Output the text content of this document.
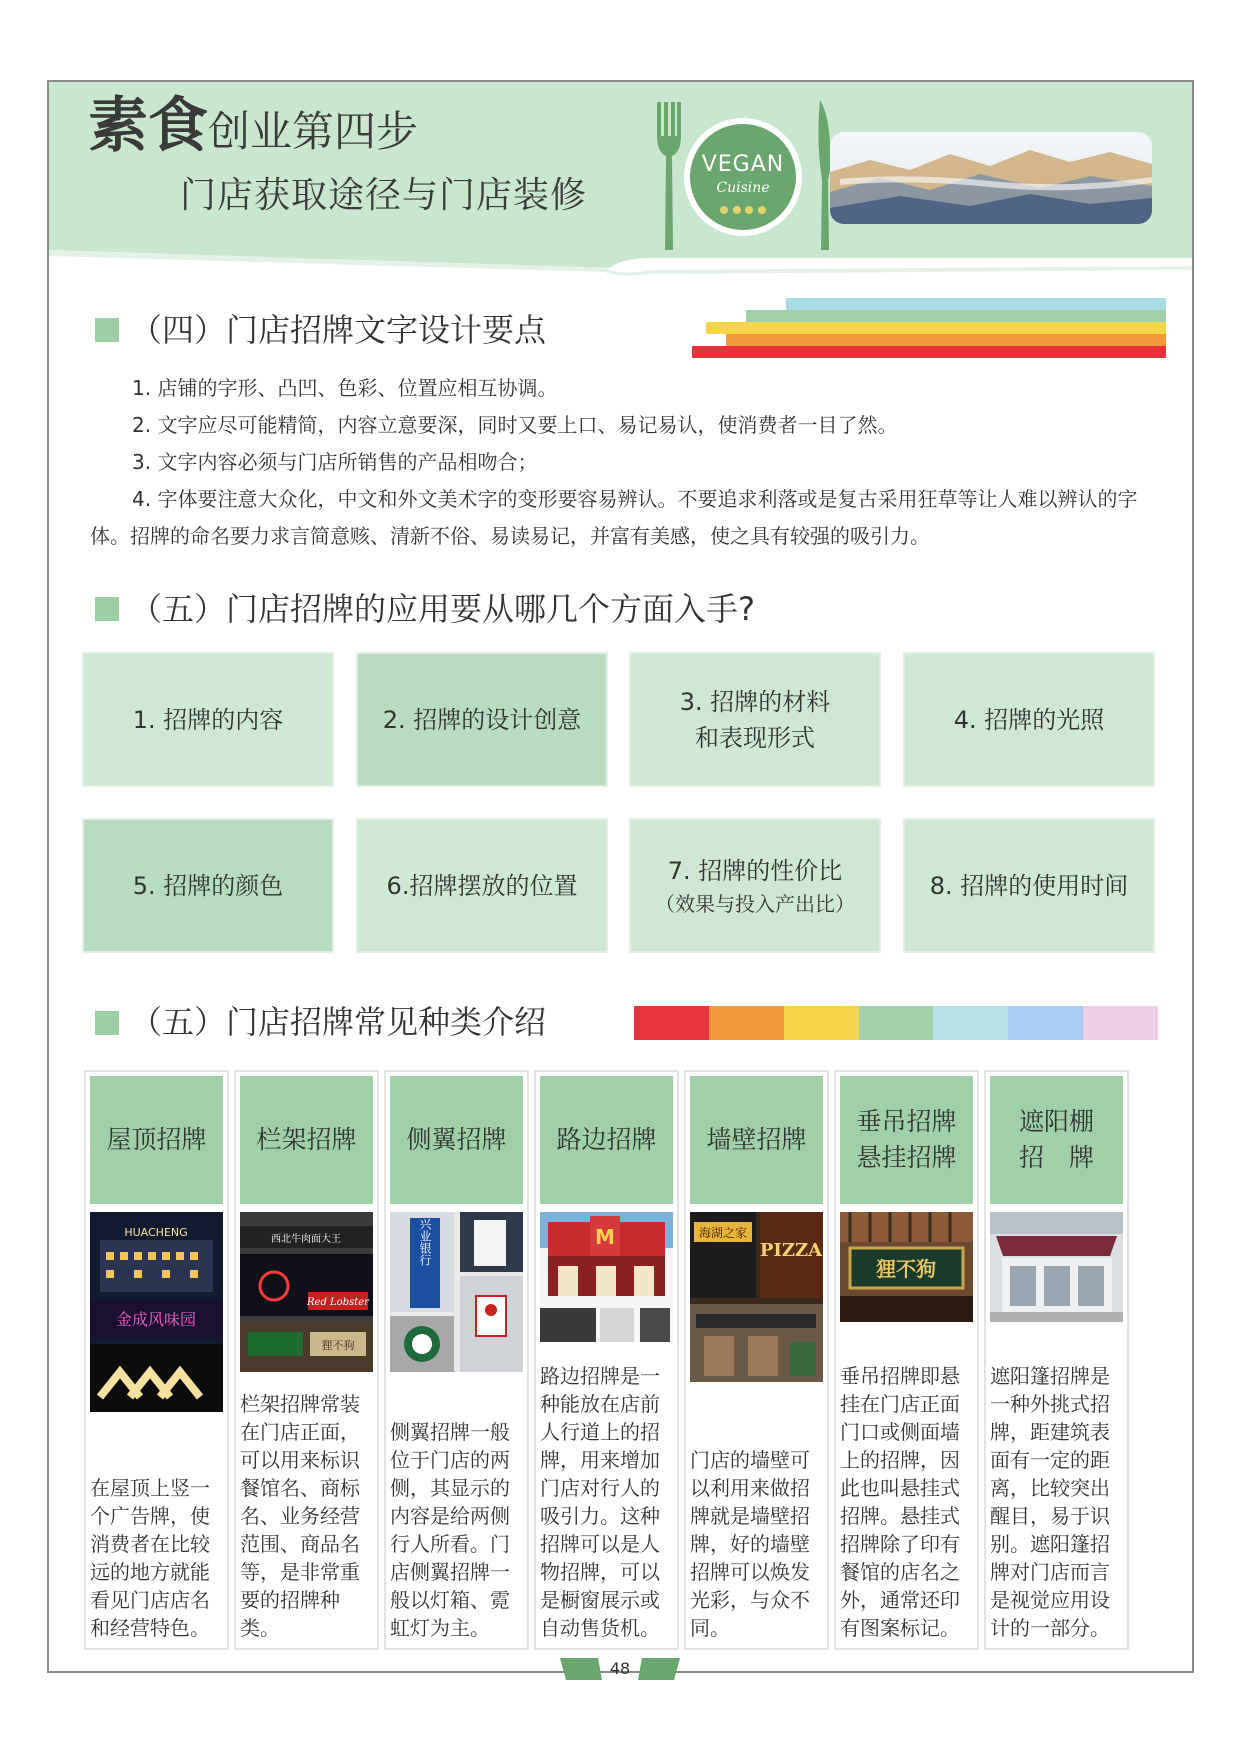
素食创业第四步
门店获取途径与门店装修
VEGAN
Cuisine
（四）门店招牌文字设计要点

1. 店铺的字形、凸凹、色彩、位置应相互协调。

2. 文字应尽可能精简，内容立意要深，同时又要上口、易记易认，使消费者一目了然。

3. 文字内容必须与门店所销售的产品相吻合；

4. 字体要注意大众化，中文和外文美术字的变形要容易辨认。不要追求利落或是复古采用狂草等让人难以辨认的字体。招牌的命名要力求言简意赅、清新不俗、易读易记，并富有美感，使之具有较强的吸引力。

（五）门店招牌的应用要从哪几个方面入手?
1. 招牌的内容	2. 招牌的设计创意
3. 招牌的材料
和表现形式
4. 招牌的光照
5. 招牌的颜色	6.招牌摆放的位置
7. 招牌的性价比
（效果与投入产出比）
8. 招牌的使用时间
（五）门店招牌常见种类介绍
屋顶招牌
HUACHENG
金成风味园
在屋顶上竖一个广告牌，使消费者在比较远的地方就能看见门店店名和经营特色。
栏架招牌
西北牛肉面大王
Red Lobster
狸不狗
栏架招牌常装在门店正面，可以用来标识餐馆名、商标名、业务经营范围、商品名等，是非常重要的招牌种类。
侧翼招牌
兴业银行
侧翼招牌一般位于门店的两侧，其显示的内容是给两侧行人所看。门店侧翼招牌一般以灯箱、霓虹灯为主。
路边招牌
M
路边招牌是一种能放在店前人行道上的招牌，用来增加门店对行人的吸引力。这种招牌可以是人物招牌，可以是橱窗展示或自动售货机。
墙壁招牌
海湖之家
PIZZA
门店的墙壁可以利用来做招牌就是墙壁招牌，好的墙壁招牌可以焕发光彩，与众不同。
垂吊招牌
悬挂招牌
狸不狗
垂吊招牌即悬挂在门店正面门口或侧面墙上的招牌，因此也叫悬挂式招牌。悬挂式招牌除了印有餐馆的店名之外，通常还印有图案标记。
遮阳棚
招　牌
遮阳篷招牌是一种外挑式招牌，距建筑表面有一定的距离，比较突出醒目，易于识别。遮阳篷招牌对门店而言是视觉应用设计的一部分。
48
